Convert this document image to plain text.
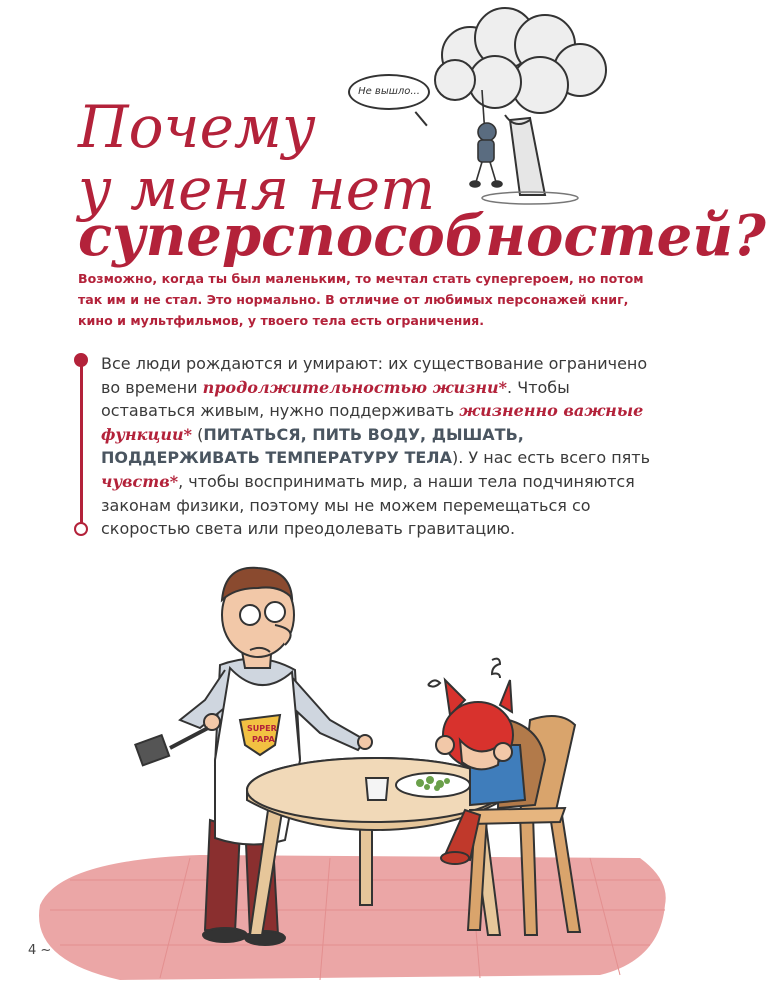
SUPER
PAPA
Не вышло...
Почему
у меня нет
суперспособностей?
Возможно, когда ты был маленьким, то мечтал стать супергероем, но потом так им и не стал. Это нормально. В отличие от любимых персонажей книг, кино и мультфильмов, у твоего тела есть ограничения.
Все люди рождаются и умирают: их существование ограничено во времени продолжительностью жизни*. Чтобы оставаться живым, нужно поддерживать жизненно важные функции* (ПИТАТЬСЯ, ПИТЬ ВОДУ, ДЫШАТЬ, ПОДДЕРЖИВАТЬ ТЕМПЕРАТУРУ ТЕЛА). У нас есть всего пять чувств*, чтобы воспринимать мир, а наши тела подчиняются законам физики, поэтому мы не можем перемещаться со скоростью света или преодолевать гравитацию.
4 ~
